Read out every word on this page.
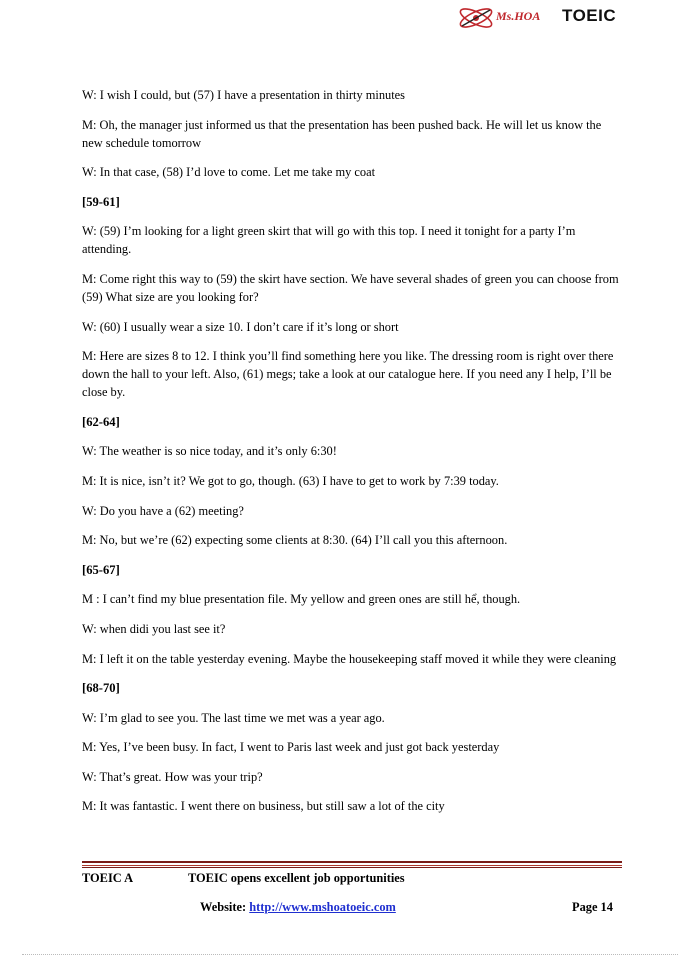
Ms.HOA TOEIC

W: I wish I could, but (57) I have a presentation in thirty minutes

M: Oh, the manager just informed us that the presentation has been pushed back. He will let us know the new schedule tomorrow

W: In that case, (58) I’d love to come. Let me take my coat

[59-61]

W: (59) I’m looking for a light green skirt that will go with this top. I need it tonight for a party I’m attending.

M: Come right this way to (59) the skirt have section. We have several shades of green you can choose from (59) What size are you looking for?

W: (60) I usually wear a size 10. I don’t care if it’s long or short

M: Here are sizes 8 to 12. I think you’ll find something here you like. The dressing room is right over there down the hall to your left. Also, (61) megs; take a look at our catalogue here. If you need any I help, I’ll be close by.

[62-64]

W: The weather is so nice today, and it’s only 6:30!

M: It is nice, isn’t it? We got to go, though. (63) I have to get to work by 7:39 today.

W: Do you have a (62) meeting?

M: No, but we’re (62) expecting some clients at 8:30. (64) I’ll call you this afternoon.

[65-67]

M : I can’t find my blue presentation file. My yellow and green ones are still hể, though.

W: when didi you last see it?

M: I left it on the table yesterday evening. Maybe the housekeeping staff moved it while they were cleaning

[68-70]

W: I’m glad to see you. The last time we met was a year ago.

M: Yes, I’ve been busy. In fact, I went to Paris last week and just got back yesterday

W: That’s great. How was your trip?

M: It was fantastic. I went there on business, but still saw a lot of the city

TOEIC A	TOEIC opens excellent job opportunities
Website: http://www.mshoatoeic.com	Page 14
